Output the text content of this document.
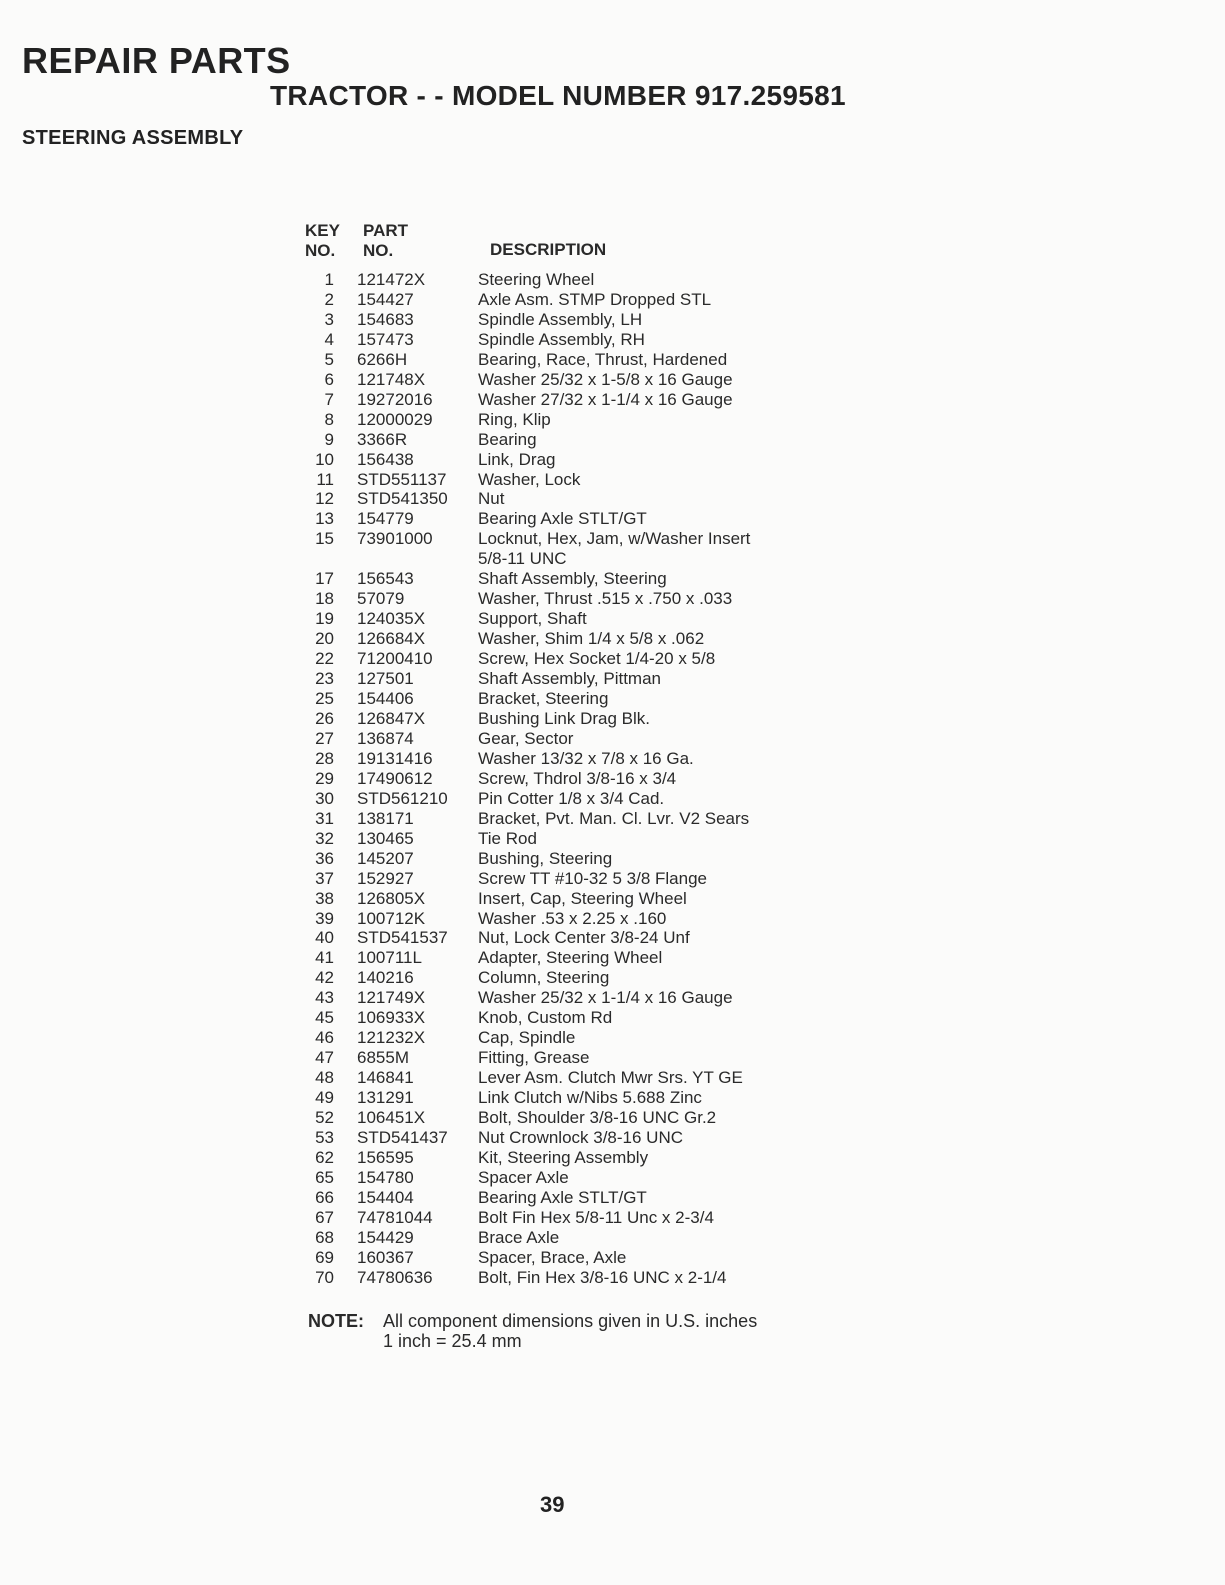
REPAIR PARTS
TRACTOR - - MODEL NUMBER 917.259581
STEERING ASSEMBLY
KEY
NO.
PART
NO.	DESCRIPTION
1	121472X	Steering Wheel
2	154427	Axle Asm. STMP Dropped STL
3	154683	Spindle Assembly, LH
4	157473	Spindle Assembly, RH
5	6266H	Bearing, Race, Thrust, Hardened
6	121748X	Washer 25/32 x 1-5/8 x 16 Gauge
7	19272016	Washer 27/32 x 1-1/4 x 16 Gauge
8	12000029	Ring, Klip
9	3366R	Bearing
10	156438	Link, Drag
11	STD551137	Washer, Lock
12	STD541350	Nut
13	154779	Bearing Axle STLT/GT
15	73901000	Locknut, Hex, Jam, w/Washer Insert
5/8-11 UNC
17	156543	Shaft Assembly, Steering
18	57079	Washer, Thrust .515 x .750 x .033
19	124035X	Support, Shaft
20	126684X	Washer, Shim 1/4 x 5/8 x .062
22	71200410	Screw, Hex Socket 1/4-20 x 5/8
23	127501	Shaft Assembly, Pittman
25	154406	Bracket, Steering
26	126847X	Bushing Link Drag Blk.
27	136874	Gear, Sector
28	19131416	Washer 13/32 x 7/8 x 16 Ga.
29	17490612	Screw, Thdrol 3/8-16 x 3/4
30	STD561210	Pin Cotter 1/8 x 3/4 Cad.
31	138171	Bracket, Pvt. Man. Cl. Lvr. V2 Sears
32	130465	Tie Rod
36	145207	Bushing, Steering
37	152927	Screw TT #10-32 5 3/8 Flange
38	126805X	Insert, Cap, Steering Wheel
39	100712K	Washer .53 x 2.25 x .160
40	STD541537	Nut, Lock Center 3/8-24 Unf
41	100711L	Adapter, Steering Wheel
42	140216	Column, Steering
43	121749X	Washer 25/32 x 1-1/4 x 16 Gauge
45	106933X	Knob, Custom Rd
46	121232X	Cap, Spindle
47	6855M	Fitting, Grease
48	146841	Lever Asm. Clutch Mwr Srs. YT GE
49	131291	Link Clutch w/Nibs 5.688 Zinc
52	106451X	Bolt, Shoulder 3/8-16 UNC Gr.2
53	STD541437	Nut Crownlock 3/8-16 UNC
62	156595	Kit, Steering Assembly
65	154780	Spacer Axle
66	154404	Bearing Axle STLT/GT
67	74781044	Bolt Fin Hex 5/8-11 Unc x 2-3/4
68	154429	Brace Axle
69	160367	Spacer, Brace, Axle
70	74780636	Bolt, Fin Hex 3/8-16 UNC x 2-1/4
NOTE: All component dimensions given in U.S. inches
1 inch = 25.4 mm
39
